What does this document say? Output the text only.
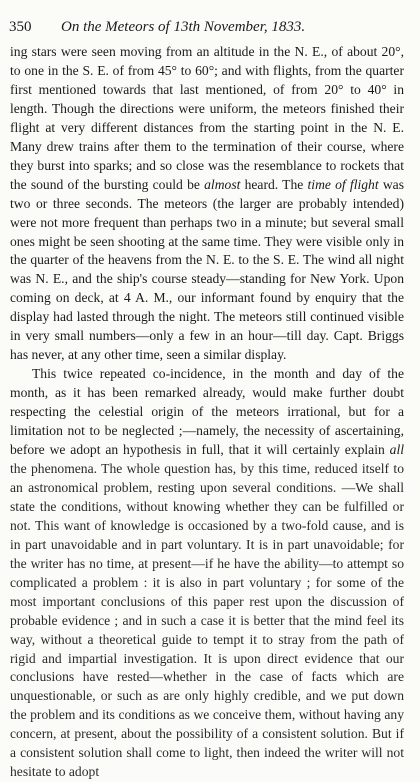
350 On the Meteors of 13th November, 1833.

ing stars were seen moving from an altitude in the N. E., of about 20°, to one in the S. E. of from 45° to 60°; and with flights, from the quarter first mentioned towards that last mentioned, of from 20° to 40° in length. Though the directions were uniform, the meteors finished their flight at very different distances from the starting point in the N. E. Many drew trains after them to the termination of their course, where they burst into sparks; and so close was the resemblance to rockets that the sound of the bursting could be almost heard. The time of flight was two or three seconds. The meteors (the larger are probably intended) were not more frequent than perhaps two in a minute; but several small ones might be seen shooting at the same time. They were visible only in the quarter of the heavens from the N. E. to the S. E. The wind all night was N. E., and the ship's course steady—standing for New York. Upon coming on deck, at 4 A. M., our informant found by enquiry that the display had lasted through the night. The meteors still continued visible in very small numbers—only a few in an hour—till day. Capt. Briggs has never, at any other time, seen a similar display.

This twice repeated co-incidence, in the month and day of the month, as it has been remarked already, would make further doubt respecting the celestial origin of the meteors irrational, but for a limitation not to be neglected ;—namely, the necessity of ascertaining, before we adopt an hypothesis in full, that it will certainly explain all the phenomena. The whole question has, by this time, reduced itself to an astronomical problem, resting upon several conditions. —We shall state the conditions, without knowing whether they can be fulfilled or not. This want of knowledge is occasioned by a two-fold cause, and is in part unavoidable and in part voluntary. It is in part unavoidable; for the writer has no time, at present—if he have the ability—to attempt so complicated a problem : it is also in part voluntary ; for some of the most important conclusions of this paper rest upon the discussion of probable evidence ; and in such a case it is better that the mind feel its way, without a theoretical guide to tempt it to stray from the path of rigid and impartial investigation. It is upon direct evidence that our conclusions have rested—whether in the case of facts which are unquestionable, or such as are only highly credible, and we put down the problem and its conditions as we conceive them, without having any concern, at present, about the possibility of a consistent solution. But if a consistent solution shall come to light, then indeed the writer will not hesitate to adopt
